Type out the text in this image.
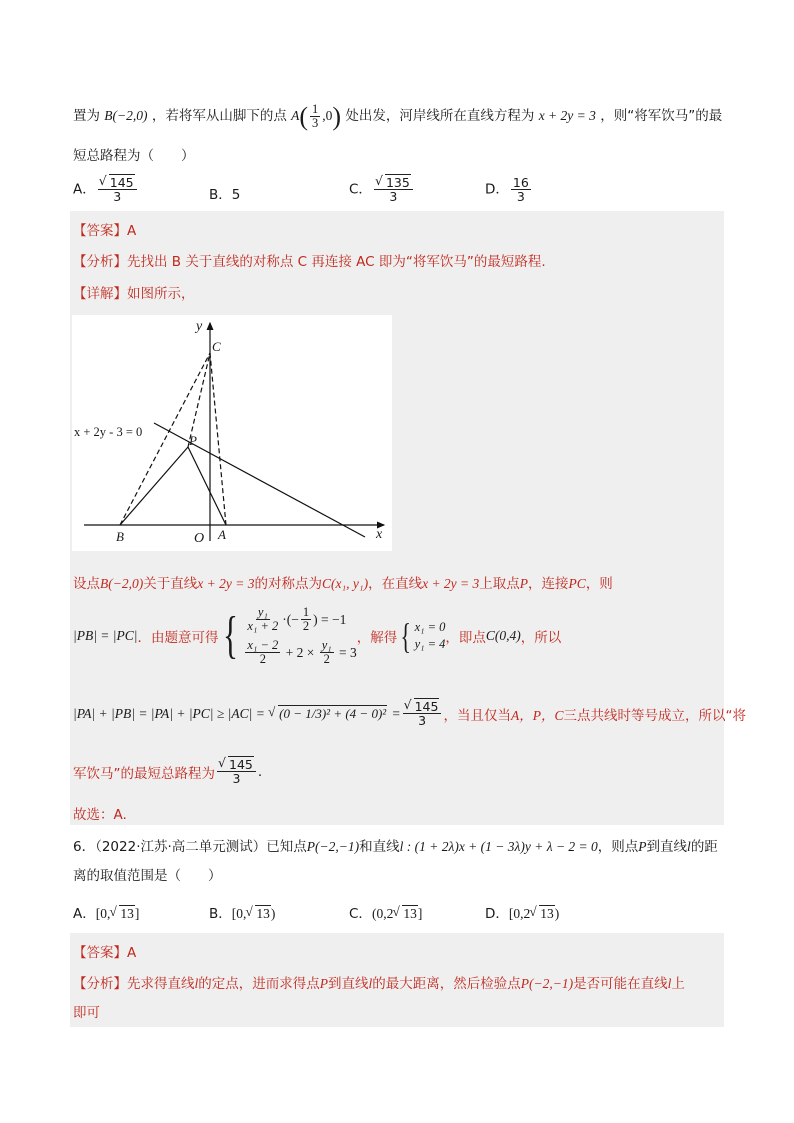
置为 B(−2,0) ，若将军从山脚下的点 $A( \frac{1}{3} ,0)$ 处出发，河岸线所在直线方程为 x + 2y = 3 ，则“将军饮马”的最
短总路程为（　　）
A． √ $\frac{145}{3}$	B．5	C． √ $\frac{135}{3}$	D． $\frac{16}{3}$
【答案】A
【分析】先找出 B 关于直线的对称点 C 再连接 AC 即为“将军饮马”的最短路程.
【详解】如图所示，
y
x
O A
B
C
P
x + 2y - 3 = 0
设点B(−2,0)关于直线x + 2y = 3的对称点为C(x₁, y₁)，在直线x + 2y = 3上取点P，连接PC，则
|PB| = |PC| ．由题意可得 { $\frac{\text{y₁}}{\text{x₁ + 2}}$ ·(− $\frac{1}{2}$ )
= −1
$\frac{\text{x₁ − 2}}{2}$
+ 2 ×
$\frac{\text{y₁}}{2}$
= 3
，解得 { x₁ = 0
y₁ = 4 ，即点 C(0,4) ，所以
|PA| + |PB| = |PA| + |PC| ≥ |AC| =
	√ (0 − 1/3)² + (4 − 0)²
= √ $\frac{145}{3}$ ，当且仅当 A，P，C 三点共线时等号成立，所以“将
军饮马”的最短总路程为 √ $\frac{145}{3}$ .
故选：A.
6．（2022·江苏·高二单元测试）已知点P(−2,−1)和直线l : (1 + 2λ)x + (1 − 3λ)y + λ − 2 = 0，则点P到直线l的距
离的取值范围是（　　）
A．[0, √ 13]	B．[0, √ 13)	C．(0,2 √ 13]	D．[0,2 √ 13)
【答案】A
【分析】先求得直线l的定点，进而求得点P到直线l的最大距离，然后检验点P(−2,−1)是否可能在直线l上
即可
